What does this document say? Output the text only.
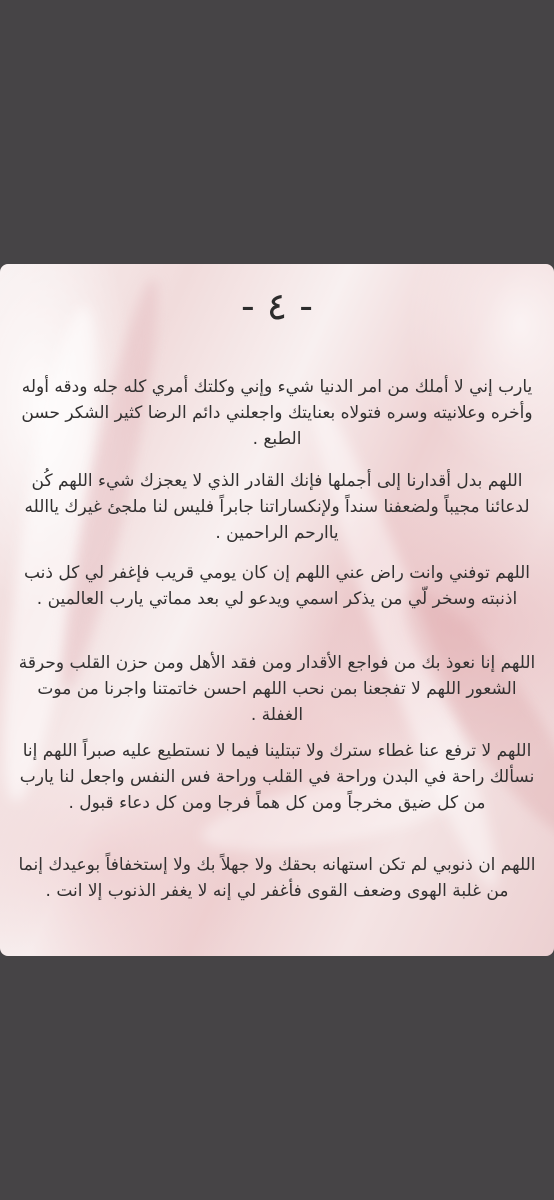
- ٤ -
يارب إني لا أملك من امر الدنيا شيء وإني وكلتك أمري كله جله ودقه أوله وأخره وعلانيته وسره فتولاه بعنايتك واجعلني دائم الرضا كثير الشكر حسن الطبع .
اللهم بدل أقدارنا إلى أجملها فإنك القادر الذي لا يعجزك شيء اللهم كُن لدعائنا مجيباً ولضعفنا سنداً ولإنكساراتنا جابراً فليس لنا ملجئ غيرك ياالله ياارحم الراحمين .
اللهم توفني وانت راض عني اللهم إن كان يومي قريب فإغفر لي كل ذنب اذنبته وسخر لّي من يذكر اسمي ويدعو لي بعد مماتي يارب العالمين .
اللهم إنا نعوذ بك من فواجع الأقدار ومن فقد الأهل ومن حزن القلب وحرقة الشعور اللهم لا تفجعنا بمن نحب اللهم احسن خاتمتنا واجرنا من موت الغفلة .
اللهم لا ترفع عنا غطاء سترك ولا تبتلينا فيما لا نستطيع عليه صبراً اللهم إنا نسألك راحة في البدن وراحة في القلب وراحة فس النفس واجعل لنا يارب من كل ضيق مخرجاً ومن كل هماً فرجا ومن كل دعاء قبول .
اللهم ان ذنوبي لم تكن استهانه بحقك ولا جهلاً بك ولا إستخفافاً بوعيدك إنما من غلبة الهوى وضعف القوى فأغفر لي إنه لا يغفر الذنوب إلا انت .
